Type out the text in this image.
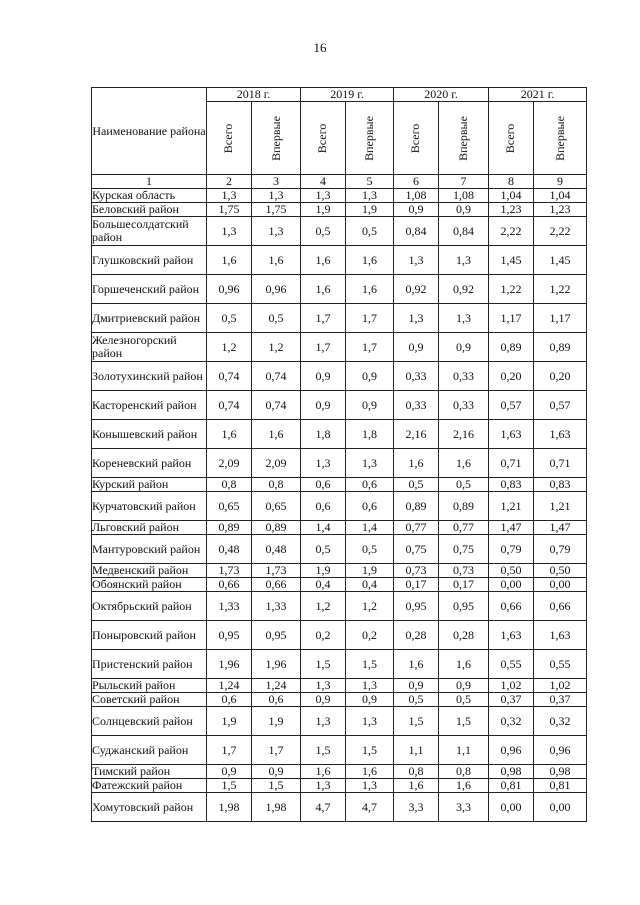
16
Наименование района	2018 г.		2019 г.		2020 г.		2021 г.	
	Всего	Впервые	Всего	Впервые	Всего	Впервые	Всего	Впервые
1	2	3	4	5	6	7	8	9
Курская область	1,3	1,3	1,3	1,3	1,08	1,08	1,04	1,04
Беловский район	1,75	1,75	1,9	1,9	0,9	0,9	1,23	1,23
Большесолдатский район	1,3	1,3	0,5	0,5	0,84	0,84	2,22	2,22
Глушковский район	1,6	1,6	1,6	1,6	1,3	1,3	1,45	1,45
Горшеченский район	0,96	0,96	1,6	1,6	0,92	0,92	1,22	1,22
Дмитриевский район	0,5	0,5	1,7	1,7	1,3	1,3	1,17	1,17
Железногорский район	1,2	1,2	1,7	1,7	0,9	0,9	0,89	0,89
Золотухинский район	0,74	0,74	0,9	0,9	0,33	0,33	0,20	0,20
Касторенский район	0,74	0,74	0,9	0,9	0,33	0,33	0,57	0,57
Конышевский район	1,6	1,6	1,8	1,8	2,16	2,16	1,63	1,63
Кореневский район	2,09	2,09	1,3	1,3	1,6	1,6	0,71	0,71
Курский район	0,8	0,8	0,6	0,6	0,5	0,5	0,83	0,83
Курчатовский район	0,65	0,65	0,6	0,6	0,89	0,89	1,21	1,21
Льговский район	0,89	0,89	1,4	1,4	0,77	0,77	1,47	1,47
Мантуровский район	0,48	0,48	0,5	0,5	0,75	0,75	0,79	0,79
Медвенский район	1,73	1,73	1,9	1,9	0,73	0,73	0,50	0,50
Обоянский район	0,66	0,66	0,4	0,4	0,17	0,17	0,00	0,00
Октябрьский район	1,33	1,33	1,2	1,2	0,95	0,95	0,66	0,66
Поныровский район	0,95	0,95	0,2	0,2	0,28	0,28	1,63	1,63
Пристенский район	1,96	1,96	1,5	1,5	1,6	1,6	0,55	0,55
Рыльский район	1,24	1,24	1,3	1,3	0,9	0,9	1,02	1,02
Советский район	0,6	0,6	0,9	0,9	0,5	0,5	0,37	0,37
Солнцевский район	1,9	1,9	1,3	1,3	1,5	1,5	0,32	0,32
Суджанский район	1,7	1,7	1,5	1,5	1,1	1,1	0,96	0,96
Тимский район	0,9	0,9	1,6	1,6	0,8	0,8	0,98	0,98
Фатежский район	1,5	1,5	1,3	1,3	1,6	1,6	0,81	0,81
Хомутовский район	1,98	1,98	4,7	4,7	3,3	3,3	0,00	0,00
